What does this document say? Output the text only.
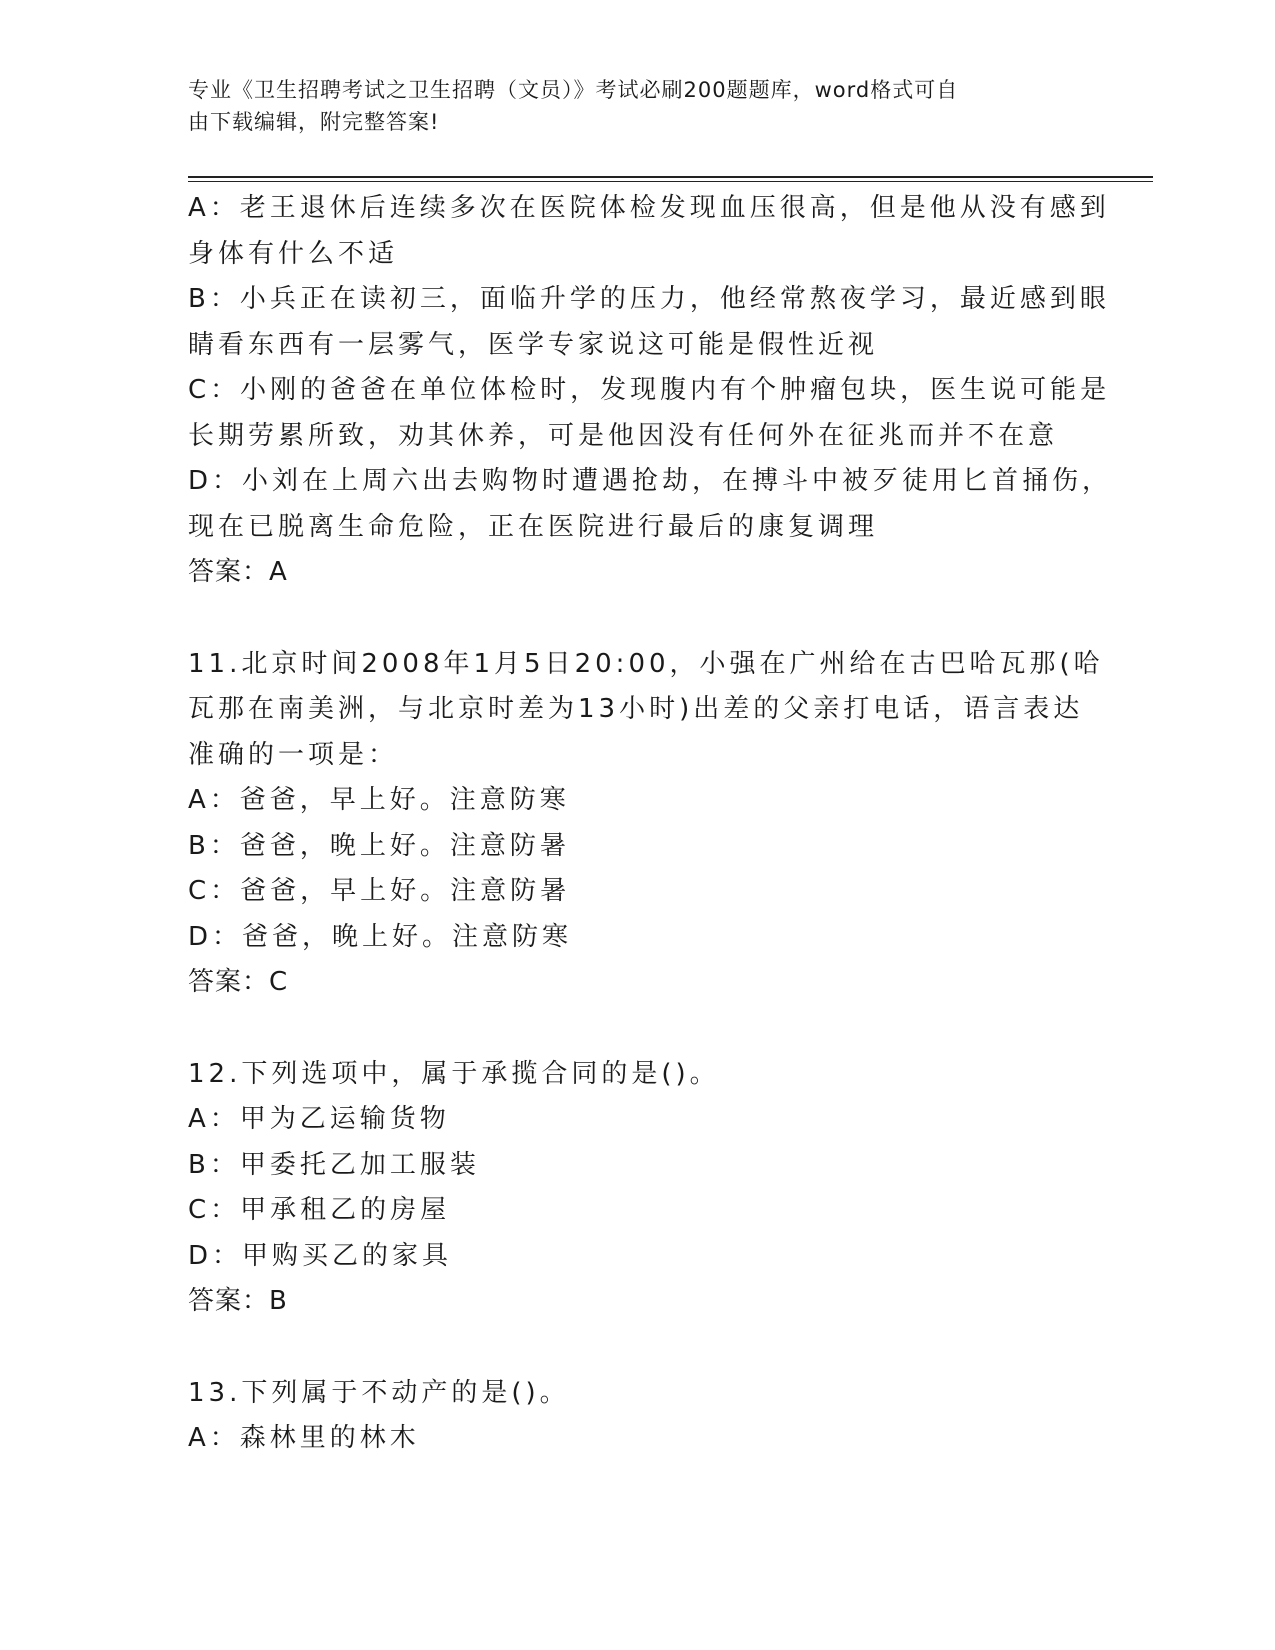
专业《卫生招聘考试之卫生招聘（文员）》考试必刷200题题库，word格式可自
由下载编辑，附完整答案!
A：老王退休后连续多次在医院体检发现血压很高，但是他从没有感到
身体有什么不适
B：小兵正在读初三，面临升学的压力，他经常熬夜学习，最近感到眼
睛看东西有一层雾气，医学专家说这可能是假性近视
C：小刚的爸爸在单位体检时，发现腹内有个肿瘤包块，医生说可能是
长期劳累所致，劝其休养，可是他因没有任何外在征兆而并不在意
D：小刘在上周六出去购物时遭遇抢劫，在搏斗中被歹徒用匕首捅伤，
现在已脱离生命危险，正在医院进行最后的康复调理
答案：A
11.北京时间2008年1月5日20:00，小强在广州给在古巴哈瓦那(哈
瓦那在南美洲，与北京时差为13小时)出差的父亲打电话，语言表达
准确的一项是：
A：爸爸，早上好。注意防寒
B：爸爸，晚上好。注意防暑
C：爸爸，早上好。注意防暑
D：爸爸，晚上好。注意防寒
答案：C
12.下列选项中，属于承揽合同的是()。
A：甲为乙运输货物
B：甲委托乙加工服装
C：甲承租乙的房屋
D：甲购买乙的家具
答案：B
13.下列属于不动产的是()。
A：森林里的林木
